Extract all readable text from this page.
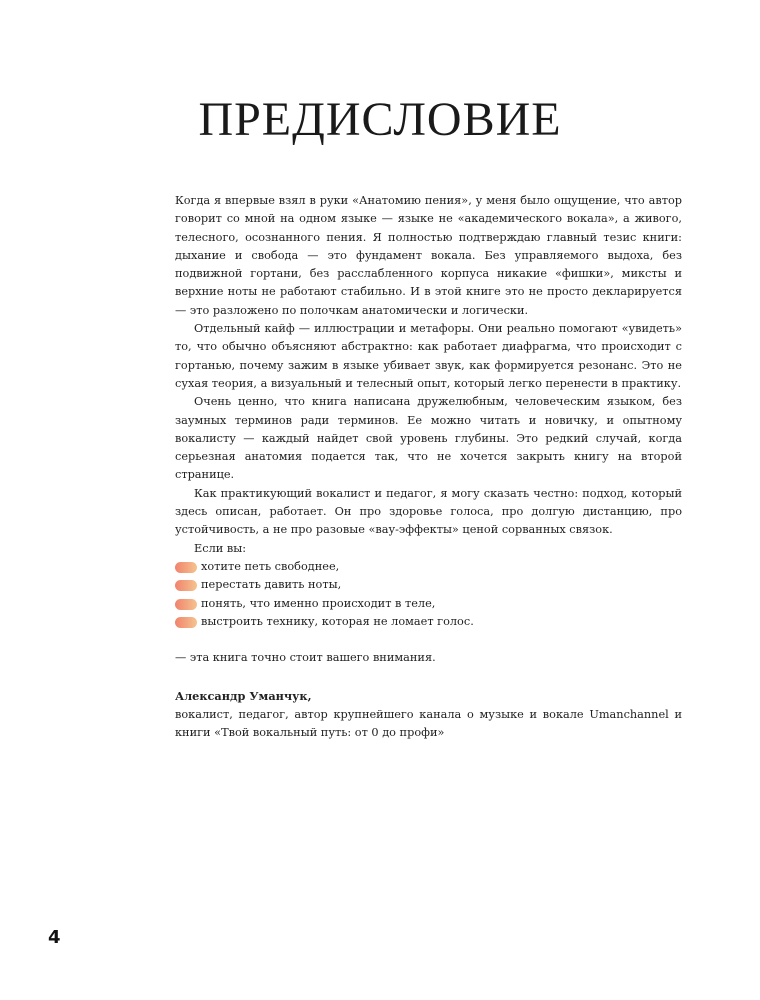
ПРЕДИСЛОВИЕ

Когда я впервые взял в руки «Анатомию пения», у меня было ощущение, что автор говорит со мной на одном языке — языке не «академического вокала», а живого, телесного, осознанного пения. Я полностью подтверждаю главный тезис книги: дыхание и свобода — это фундамент вокала. Без управляемого выдоха, без подвижной гортани, без расслабленного корпуса никакие «фишки», миксты и верхние ноты не работают стабильно. И в этой книге это не просто декларируется — это разложено по полочкам анатомически и логически.

Отдельный кайф — иллюстрации и метафоры. Они реально помогают «увидеть» то, что обычно объясняют абстрактно: как работает диафрагма, что происходит с гортанью, почему зажим в языке убивает звук, как формируется резонанс. Это не сухая теория, а визуальный и телесный опыт, который легко перенести в практику.

Очень ценно, что книга написана дружелюбным, человеческим языком, без заумных терминов ради терминов. Ее можно читать и новичку, и опытному вокалисту — каждый найдет свой уровень глубины. Это редкий случай, когда серьезная анатомия подается так, что не хочется закрыть книгу на второй странице.

Как практикующий вокалист и педагог, я могу сказать честно: подход, который здесь описан, работает. Он про здоровье голоса, про долгую дистанцию, про устойчивость, а не про разовые «вау-эффекты» ценой сорванных связок.

Если вы:

хотите петь свободнее,
перестать давить ноты,
понять, что именно происходит в теле,
выстроить технику, которая не ломает голос.

— эта книга точно стоит вашего внимания.

Александр Уманчук,

вокалист, педагог, автор крупнейшего канала о музыке и вокале Umanchannel и книги «Твой вокальный путь: от 0 до профи»

4
